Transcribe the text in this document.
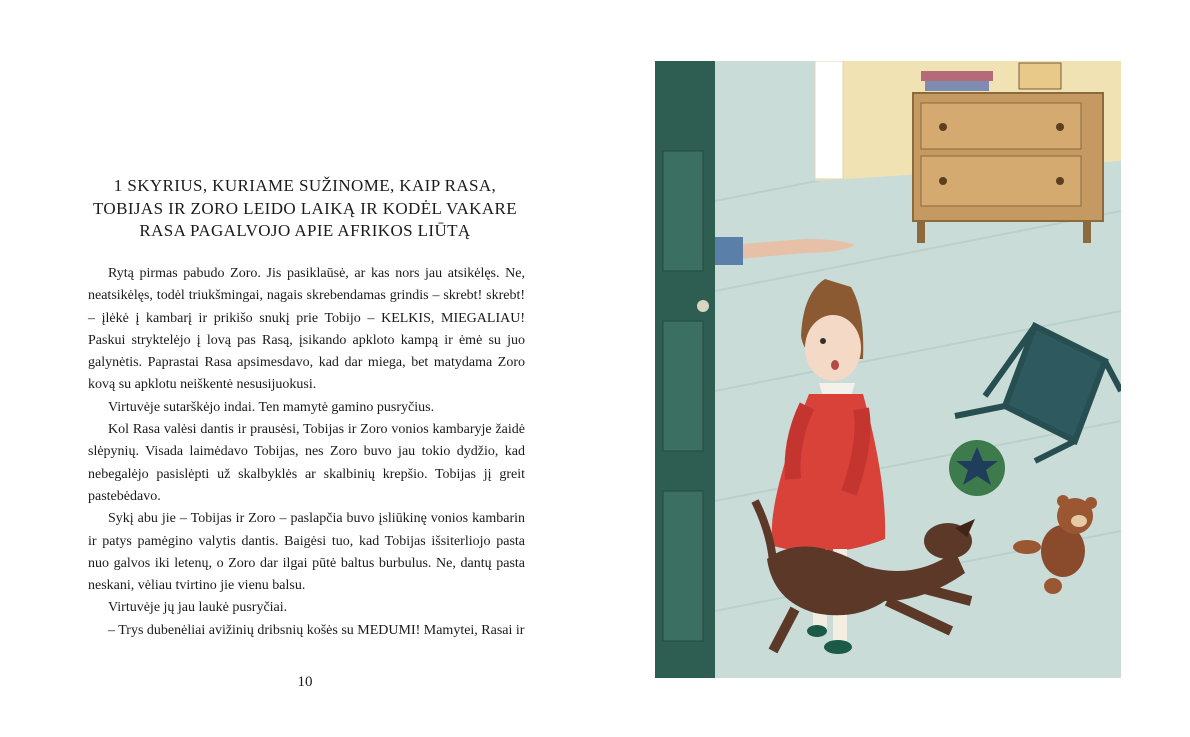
1 SKYRIUS, KURIAME SUŽINOME, KAIP RASA, TOBIJAS IR ZORO LEIDO LAIKĄ IR KODĖL VAKARE RASA PAGALVOJO APIE AFRIKOS LIŪTĄ

Rytą pirmas pabudo Zoro. Jis pasiklaūsė, ar kas nors jau atsikėlęs. Ne, neatsikėlęs, todėl triukšmingai, nagais skrebendamas grindis – skrebt! skrebt! – įlėkė į kambarį ir prikišo snukį prie Tobijo – KELKIS, MIEGALIAU! Paskui stryktelėjo į lovą pas Rasą, įsikando apkloto kampą ir ėmė su juo galynėtis. Paprastai Rasa apsimesdavo, kad dar miega, bet matydama Zoro kovą su apklotu neiškentė nesusijuokusi.

Virtuvėje sutarškėjo indai. Ten mamytė gamino pusryčius.

Kol Rasa valėsi dantis ir prausėsi, Tobijas ir Zoro vonios kambaryje žaidė slėpynių. Visada laimėdavo Tobijas, nes Zoro buvo jau tokio dydžio, kad nebegalėjo pasislėpti už skalbyklės ar skalbinių krepšio. Tobijas jį greit pastebėdavo.

Sykį abu jie – Tobijas ir Zoro – paslapčia buvo įsliūkinę vonios kambarin ir patys pamėgino valytis dantis. Baigėsi tuo, kad Tobijas išsiterliojo pasta nuo galvos iki letenų, o Zoro dar ilgai pūtė baltus burbulus. Ne, dantų pasta neskani, vėliau tvirtino jie vienu balsu.

Virtuvėje jų jau laukė pusryčiai.

– Trys dubenėliai avižinių dribsnių košės su MEDUMI! Mamytei, Rasai ir

10
